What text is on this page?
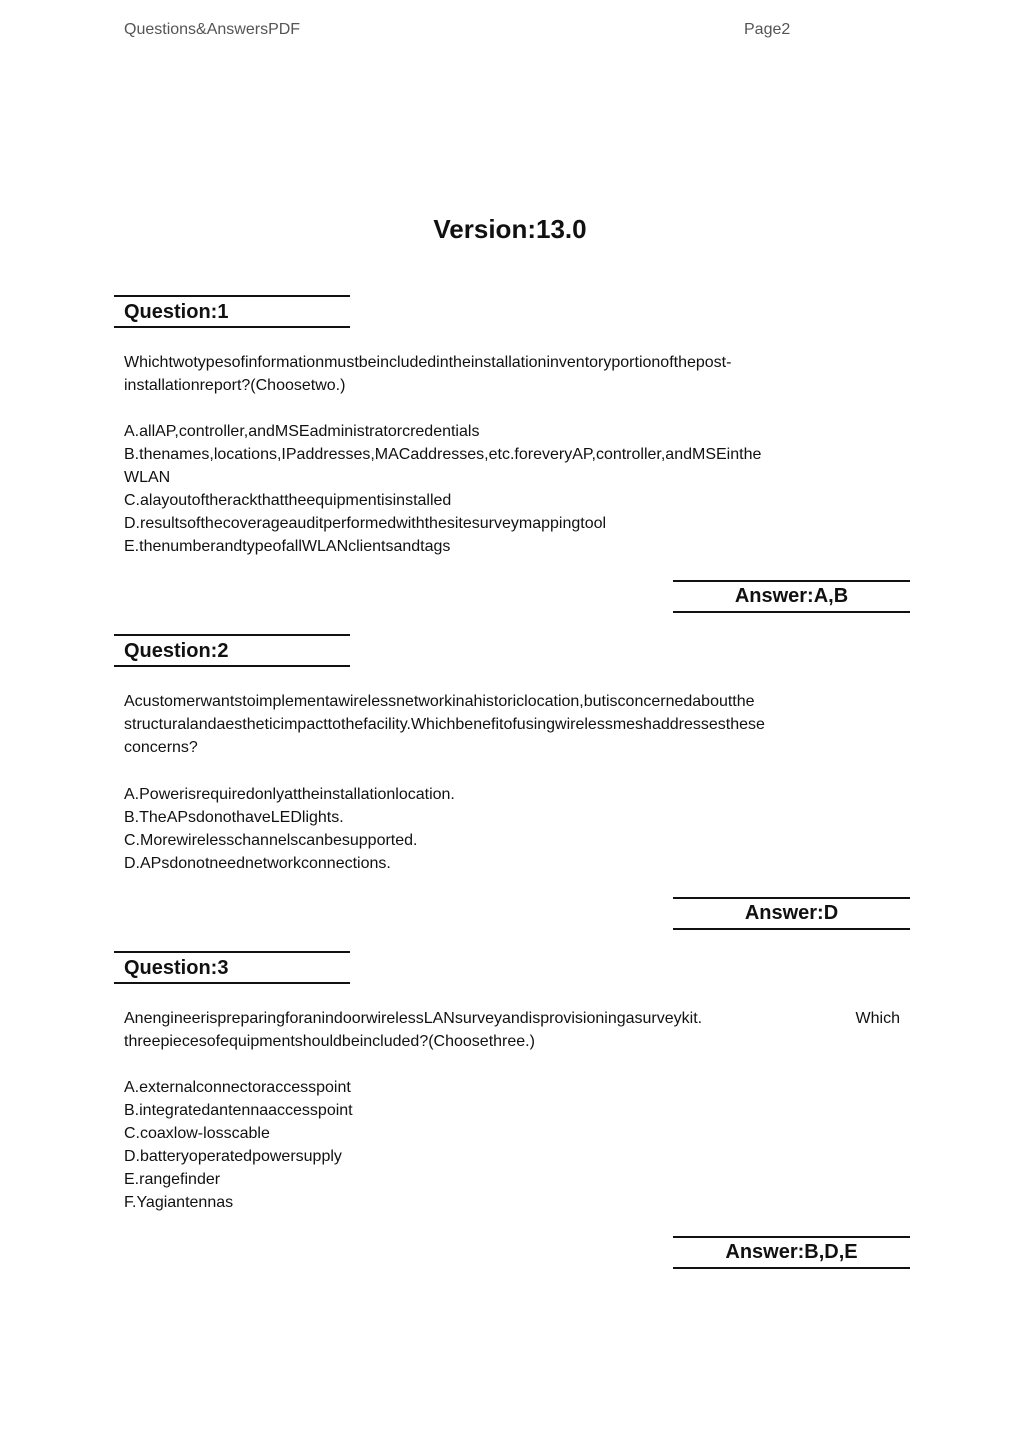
Questions&AnswersPDF	Page2
Version:13.0
Question:1
Whichtwotypesofinformationmustbeincludedintheinstallationinventoryportionofthepost-
installationreport?(Choosetwo.)
A.allAP,controller,andMSEadministratorcredentials
B.thenames,locations,IPaddresses,MACaddresses,etc.foreveryAP,controller,andMSEinthe
WLAN
C.alayoutoftherackthattheequipmentisinstalled
D.resultsofthecoverageauditperformedwiththesitesurveymappingtool
E.thenumberandtypeofallWLANclientsandtags
Answer:A,B
Question:2
Acustomerwantstoimplementawirelessnetworkinahistoriclocation,butisconcernedaboutthe
structuralandaestheticimpacttothefacility.Whichbenefitofusingwirelessmeshaddressesthese
concerns?
A.Powerisrequiredonlyattheinstallationlocation.
B.TheAPsdonothaveLEDlights.
C.Morewirelesschannelscanbesupported.
D.APsdonotneednetworkconnections.
Answer:D
Question:3
AnengineerispreparingforanindoorwirelessLANsurveyandisprovisioningasurveykit.	Which
threepiecesofequipmentshouldbeincluded?(Choosethree.)
A.externalconnectoraccesspoint
B.integratedantennaaccesspoint
C.coaxlow-losscable
D.batteryoperatedpowersupply
E.rangefinder
F.Yagiantennas
Answer:B,D,E
